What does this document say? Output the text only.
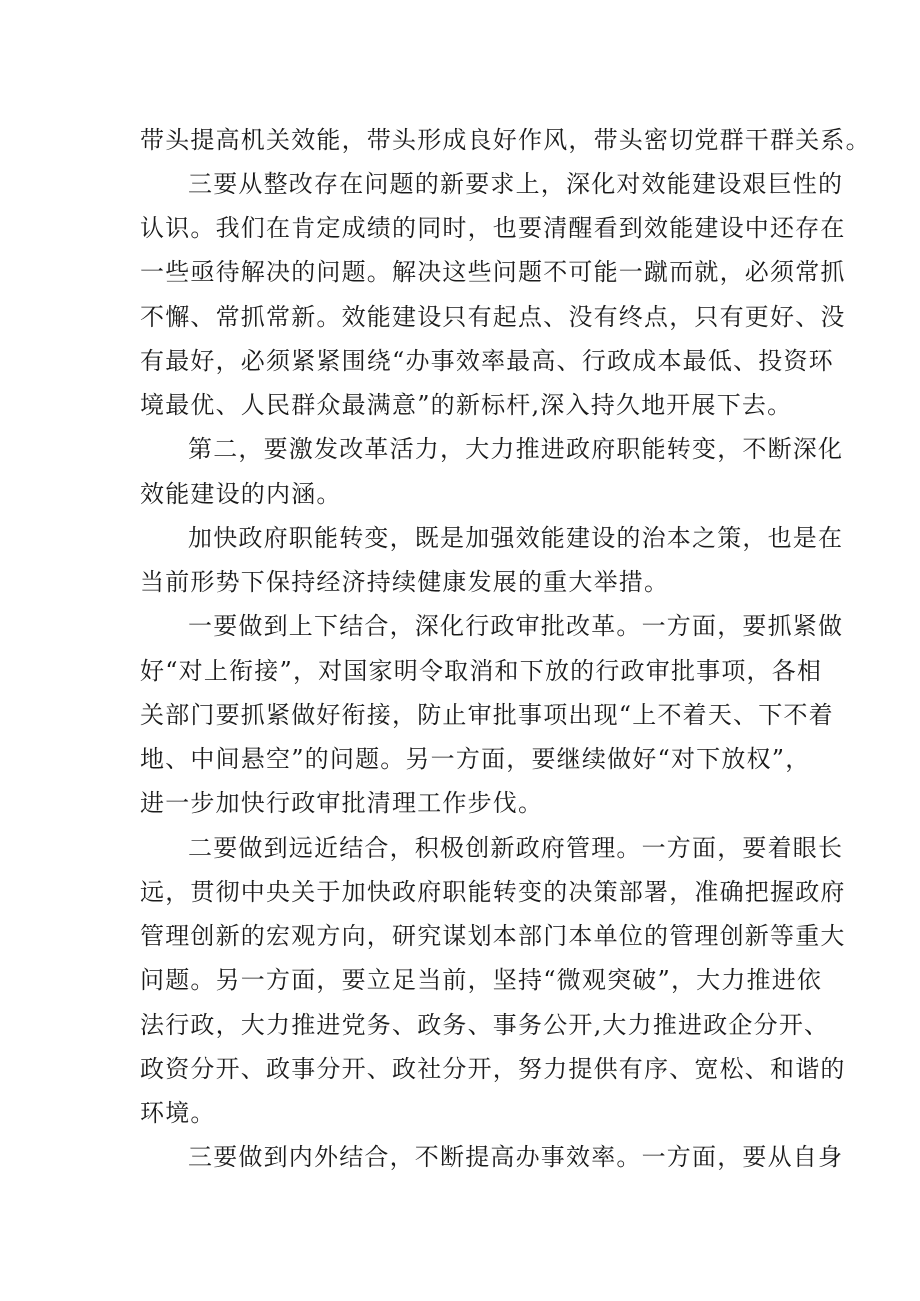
带头提高机关效能，带头形成良好作风，带头密切党群干群关系。
三要从整改存在问题的新要求上，深化对效能建设艰巨性的
认识。我们在肯定成绩的同时，也要清醒看到效能建设中还存在
一些亟待解决的问题。解决这些问题不可能一蹴而就，必须常抓
不懈、常抓常新。效能建设只有起点、没有终点，只有更好、没
有最好，必须紧紧围绕“办事效率最高、行政成本最低、投资环
境最优、人民群众最满意”的新标杆,深入持久地开展下去。
第二，要激发改革活力，大力推进政府职能转变，不断深化
效能建设的内涵。
加快政府职能转变，既是加强效能建设的治本之策，也是在
当前形势下保持经济持续健康发展的重大举措。
一要做到上下结合，深化行政审批改革。一方面，要抓紧做
好“对上衔接”，对国家明令取消和下放的行政审批事项，各相
关部门要抓紧做好衔接，防止审批事项出现“上不着天、下不着
地、中间悬空”的问题。另一方面，要继续做好“对下放权”，
进一步加快行政审批清理工作步伐。
二要做到远近结合，积极创新政府管理。一方面，要着眼长
远，贯彻中央关于加快政府职能转变的决策部署，准确把握政府
管理创新的宏观方向，研究谋划本部门本单位的管理创新等重大
问题。另一方面，要立足当前，坚持“微观突破”，大力推进依
法行政，大力推进党务、政务、事务公开,大力推进政企分开、
政资分开、政事分开、政社分开，努力提供有序、宽松、和谐的
环境。
三要做到内外结合，不断提高办事效率。一方面，要从自身
